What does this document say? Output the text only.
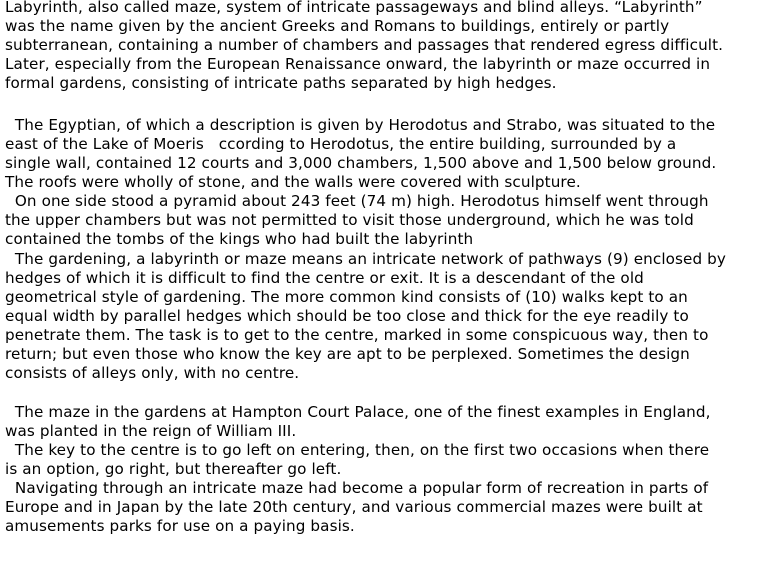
Labyrinth, also called maze, system of intricate passageways and blind alleys. “Labyrinth”
was the name given by the ancient Greeks and Romans to buildings, entirely or partly
subterranean, containing a number of chambers and passages that rendered egress difficult.
Later, especially from the European Renaissance onward, the labyrinth or maze occurred in
formal gardens, consisting of intricate paths separated by high hedges.
The Egyptian, of which a description is given by Herodotus and Strabo, was situated to the
east of the Lake of Moeris   ccording to Herodotus, the entire building, surrounded by a
single wall, contained 12 courts and 3,000 chambers, 1,500 above and 1,500 below ground.
The roofs were wholly of stone, and the walls were covered with sculpture.
On one side stood a pyramid about 243 feet (74 m) high. Herodotus himself went through
the upper chambers but was not permitted to visit those underground, which he was told
contained the tombs of the kings who had built the labyrinth
The gardening, a labyrinth or maze means an intricate network of pathways (9) enclosed by
hedges of which it is difficult to find the centre or exit. It is a descendant of the old
geometrical style of gardening. The more common kind consists of (10) walks kept to an
equal width by parallel hedges which should be too close and thick for the eye readily to
penetrate them. The task is to get to the centre, marked in some conspicuous way, then to
return; but even those who know the key are apt to be perplexed. Sometimes the design
consists of alleys only, with no centre.
The maze in the gardens at Hampton Court Palace, one of the finest examples in England,
was planted in the reign of William III.
The key to the centre is to go left on entering, then, on the first two occasions when there
is an option, go right, but thereafter go left.
Navigating through an intricate maze had become a popular form of recreation in parts of
Europe and in Japan by the late 20th century, and various commercial mazes were built at
amusements parks for use on a paying basis.
